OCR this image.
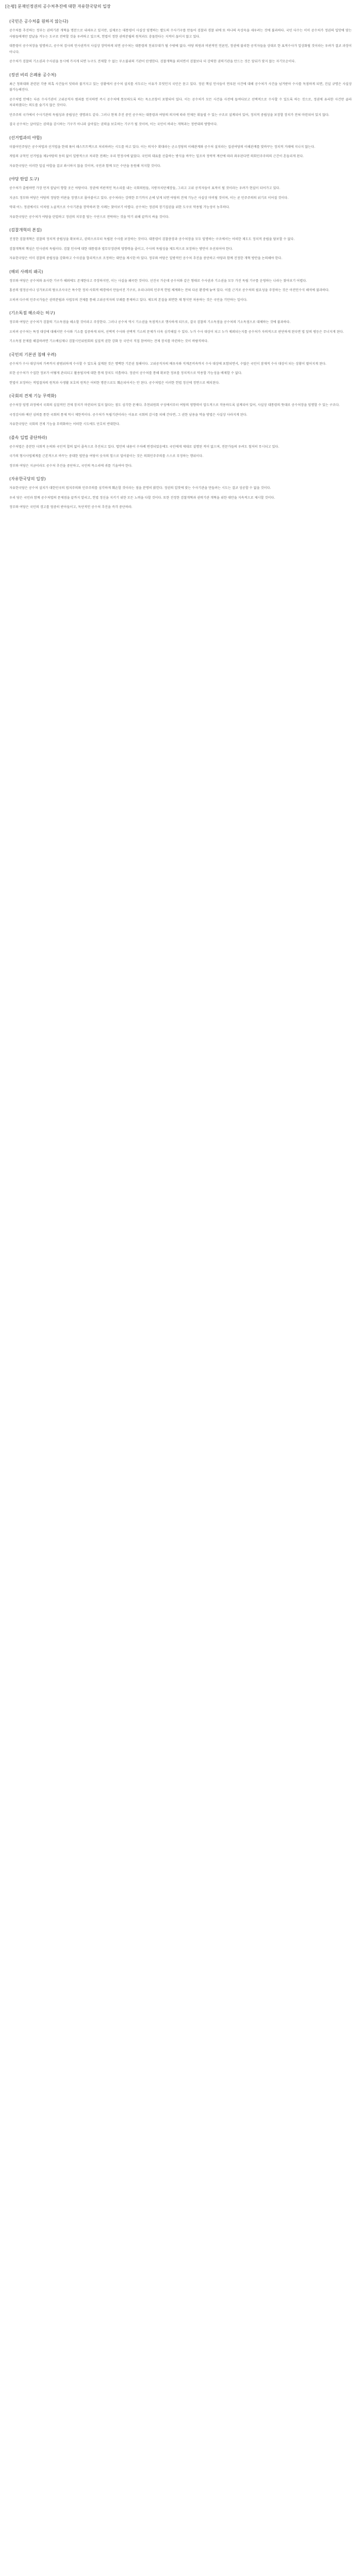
[논평] 문재인정권의 공수처추진에 대한 자유한국당의 입장
(국민은 공수처를 원하지 않는다)

공수처를 추진하는 정부는 권력기관 개혁을 명분으로 내세우고 있지만, 실제로는 대통령이 사실상 임명하는 별도의 수사기구를 만들어 검찰과 경찰 위에 또 하나의 옥상옥을 세우려는 것에 불과하다. 국민 다수는 이미 공수처가 정권의 입맛에 맞는 사람들에게만 칼날을 겨누는 도구로 전락할 것을 우려하고 있으며, 헌법이 정한 권력분립의 원칙과도 충돌한다는 지적이 끊이지 않고 있다.

대통령이 공수처장을 임명하고, 공수처 검사의 인사권까지 사실상 장악하게 되면 공수처는 대통령의 친위부대가 될 수밖에 없다. 야당 의원과 비판적인 언론인, 정권에 불리한 공직자들을 상대로 한 표적수사가 일상화될 것이라는 우려가 결코 과장이 아니다.

공수처가 검찰의 기소권과 수사권을 동시에 가지게 되면 누구도 견제할 수 없는 무소불위의 기관이 탄생한다. 검찰개혁을 외치면서 검찰보다 더 강력한 권력기관을 만드는 것은 앞뒤가 맞지 않는 자기모순이다.

(정권 비리 은폐용 공수처)

최근 청와대와 관련된 각종 의혹 사건들이 잇따라 불거지고 있는 상황에서 공수처 설치를 서두르는 이유가 무엇인지 국민은 묻고 있다. 정권 핵심 인사들이 연루된 사건에 대해 공수처가 사건을 넘겨받아 수사를 독점하게 되면, 진실 규명은 사실상 불가능해진다.

공수처법 안에는 다른 수사기관이 고위공직자 범죄를 인지하면 즉시 공수처에 통보하도록 하는 독소조항이 포함되어 있다. 이는 공수처가 모든 사건을 사전에 들여다보고 선택적으로 수사할 수 있도록 하는 것으로, 정권에 유리한 사건만 골라 처리하겠다는 의도를 숨기지 않은 것이다.

민주주의 국가에서 수사기관의 독립성과 중립성은 생명과도 같다. 그러나 현재 추진 중인 공수처는 대통령과 여당의 의지에 따라 언제든 휘둘릴 수 있는 구조로 설계되어 있어, 정치적 중립성을 보장할 장치가 전혀 마련되어 있지 않다.

결국 공수처는 살아있는 권력을 감시하는 기구가 아니라 살아있는 권력을 보호하는 기구가 될 것이며, 이는 국민이 바라는 개혁과는 정반대의 방향이다.

(선거법과의 야합)

더불어민주당은 공수처법과 선거법을 한데 묶어 패스트트랙으로 처리하려는 시도를 하고 있다. 이는 의석수 확대라는 군소정당의 이해관계와 공수처 설치라는 집권여당의 이해관계를 맞바꾸는 정치적 거래에 지나지 않는다.

게임의 규칙인 선거법을 제1야당의 동의 없이 일방적으로 처리한 전례는 우리 헌정사에 없었다. 국민의 대표를 선출하는 방식을 바꾸는 일조차 정략적 계산에 따라 좌우된다면 의회민주주의의 근간이 흔들리게 된다.

자유한국당은 이러한 밀실 야합을 결코 좌시하지 않을 것이며, 국민과 함께 모든 수단을 동원해 저지할 것이다.

(야당 탄압 도구)

공수처가 출범하면 가장 먼저 칼날이 향할 곳은 야당이다. 정권에 비판적인 목소리를 내는 국회의원들, 지방자치단체장들, 그리고 고위 공직자들이 표적이 될 것이라는 우려가 현실이 되어가고 있다.

지금도 정부와 여당은 야당의 정당한 비판을 정쟁으로 몰아붙이고 있다. 공수처라는 강력한 무기까지 손에 넣게 되면 야당의 견제 기능은 사실상 마비될 것이며, 이는 곧 민주주의의 위기로 이어질 것이다.

역대 어느 정권에서도 이처럼 노골적으로 수사기관을 장악하려 한 사례는 찾아보기 어렵다. 공수처는 정권의 장기집권을 위한 도구로 악용될 가능성이 농후하다.

자유한국당은 공수처가 야당을 탄압하고 정권의 치부를 덮는 수단으로 전락하는 것을 막기 위해 끝까지 싸울 것이다.

(검찰개혁의 본질)

진정한 검찰개혁은 검찰의 정치적 중립성을 확보하고, 권력으로부터 독립된 수사를 보장하는 것이다. 대통령이 검찰총장과 공수처장을 모두 임명하는 구조에서는 어떠한 제도도 정치적 중립을 담보할 수 없다.

검찰개혁의 핵심은 인사권의 독립이다. 검찰 인사에 대한 대통령과 법무부장관의 영향력을 줄이고, 수사의 독립성을 제도적으로 보장하는 방안이 우선되어야 한다.

자유한국당은 이미 검찰의 중립성을 강화하고 수사권을 합리적으로 조정하는 대안을 제시한 바 있다. 정부와 여당은 일방적인 공수처 추진을 중단하고 야당과 함께 진정한 개혁 방안을 논의해야 한다.

(해외 사례의 왜곡)

정부와 여당은 공수처와 유사한 기구가 해외에도 존재한다고 주장하지만, 이는 사실을 왜곡한 것이다. 선진국 가운데 공수처와 같은 형태로 수사권과 기소권을 모두 가진 독립 기구를 운영하는 나라는 찾아보기 어렵다.

홍콩의 염정공서나 싱가포르의 탐오조사국은 특수한 정치·사회적 배경에서 만들어진 기구로, 우리나라의 민주적 헌법 체계와는 전혀 다른 환경에 놓여 있다. 이를 근거로 공수처의 필요성을 주장하는 것은 아전인수식 해석에 불과하다.

오히려 다수의 민주국가들은 권력분립과 사법부의 견제를 통해 고위공직자의 부패를 통제하고 있다. 제도의 본질을 외면한 채 형식만 차용하는 것은 국민을 기만하는 일이다.

(기소독점 해소라는 허구)

정부와 여당은 공수처가 검찰의 기소독점을 해소할 것이라고 주장한다. 그러나 공수처 역시 기소권을 독점적으로 행사하게 되므로, 결국 검찰의 기소독점을 공수처의 기소독점으로 대체하는 것에 불과하다.

오히려 공수처는 특정 대상에 대해서만 수사와 기소를 집중하게 되어, 선택적 수사와 선택적 기소의 문제가 더욱 심각해질 수 있다. 누가 수사 대상이 되고 누가 제외되는지를 공수처가 자의적으로 판단하게 된다면 법 앞의 평등은 무너지게 된다.

기소독점 문제를 해결하려면 기소배심제나 검찰시민위원회의 실질적 권한 강화 등 국민이 직접 참여하는 견제 장치를 마련하는 것이 바람직하다.

(국민의 기본권 침해 우려)

공수처가 수사 대상자의 가족까지 광범위하게 수사할 수 있도록 설계된 것은 명백한 기본권 침해이다. 고위공직자의 배우자와 직계존비속까지 수사 대상에 포함되면서, 수많은 국민이 잠재적 수사 대상이 되는 상황이 벌어지게 된다.

또한 공수처가 수집한 정보가 어떻게 관리되고 활용될지에 대한 통제 장치도 미흡하다. 정권이 공수처를 통해 확보한 정보를 정치적으로 악용할 가능성을 배제할 수 없다.

헌법이 보장하는 적법절차의 원칙과 사생활 보호의 원칙은 어떠한 명분으로도 훼손되어서는 안 된다. 공수처법은 이러한 헌법 정신에 정면으로 배치된다.

(국회의 견제 기능 무력화)

공수처장 임명 과정에서 국회의 실질적인 견제 장치가 마련되어 있지 않다는 점도 심각한 문제다. 추천위원회 구성에서부터 여당의 영향력이 압도적으로 작용하도록 설계되어 있어, 사실상 대통령의 뜻대로 공수처장을 임명할 수 있는 구조다.

국정감사와 예산 심의를 통한 국회의 통제 역시 제한적이다. 공수처가 독립기관이라는 이유로 국회의 감시를 피해 간다면, 그 권한 남용을 막을 방법은 사실상 사라지게 된다.

자유한국당은 국회의 견제 기능을 무력화하는 어떠한 시도에도 단호히 반대한다.

(졸속 입법 중단하라)

공수처법은 충분한 사회적 논의와 국민적 합의 없이 졸속으로 추진되고 있다. 법안의 내용이 수차례 변경되었음에도 국민에게 제대로 설명된 적이 없으며, 전문가들의 우려도 철저히 무시되고 있다.

국가의 형사사법체계를 근본적으로 바꾸는 중대한 법안을 여당이 숫자의 힘으로 밀어붙이는 것은 의회민주주의를 스스로 부정하는 행위이다.

정부와 여당은 지금이라도 공수처 추진을 중단하고, 국민의 목소리에 귀를 기울여야 한다.

(자유한국당의 입장)

자유한국당은 공수처 설치가 대한민국의 법치주의와 민주주의를 심각하게 훼손할 것이라는 점을 분명히 밝힌다. 정권의 입맛에 맞는 수사기관을 만들려는 시도는 결코 성공할 수 없을 것이다.

우리 당은 국민과 함께 공수처법의 문제점을 끝까지 알리고, 헌법 정신을 지키기 위한 모든 노력을 다할 것이다. 또한 진정한 검찰개혁과 권력기관 개혁을 위한 대안을 지속적으로 제시할 것이다.

정부와 여당은 국민의 경고를 엄중히 받아들이고, 독단적인 공수처 추진을 즉각 중단하라.
